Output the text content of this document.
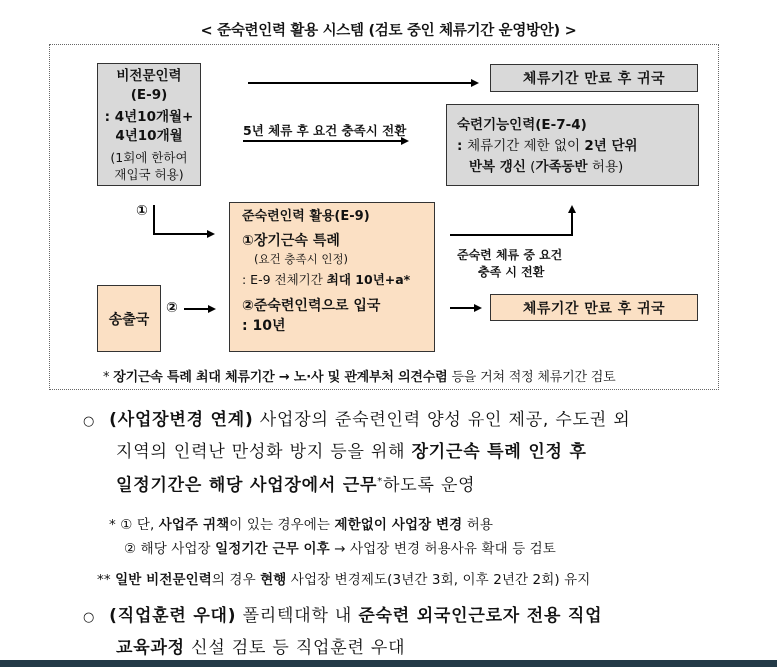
< 준숙련인력 활용 시스템 (검토 중인 체류기간 운영방안) >
비전문인력
(E-9)
: 4년10개월+
4년10개월
(1회에 한하여
재입국 허용)
체류기간 만료 후 귀국
5년 체류 후 요건 충족시 전환	숙련기능인력(E-7-4)
: 체류기간 제한 없이 2년 단위
반복 갱신 (가족동반 허용)
①	준숙련인력 활용(E-9)
①장기근속 특례
(요건 충족시 인정)
: E-9 전체기간 최대 10년+a*
②준숙련인력으로 입국
: 10년
송출국
②
준숙련 체류 중 요건
충족 시 전환
체류기간 만료 후 귀국
* 장기근속 특례 최대 체류기간 → 노·사 및 관계부처 의견수렴 등을 거쳐 적정 체류기간 검토
○ (사업장변경 연계) 사업장의 준숙련인력 양성 유인 제공, 수도권 외
지역의 인력난 만성화 방지 등을 위해 장기근속 특례 인정 후
일정기간은 해당 사업장에서 근무*하도록 운영
* ① 단, 사업주 귀책이 있는 경우에는 제한없이 사업장 변경 허용
② 해당 사업장 일정기간 근무 이후 → 사업장 변경 허용사유 확대 등 검토
** 일반 비전문인력의 경우 현행 사업장 변경제도(3년간 3회, 이후 2년간 2회) 유지
○ (직업훈련 우대) 폴리텍대학 내 준숙련 외국인근로자 전용 직업
교육과정 신설 검토 등 직업훈련 우대
